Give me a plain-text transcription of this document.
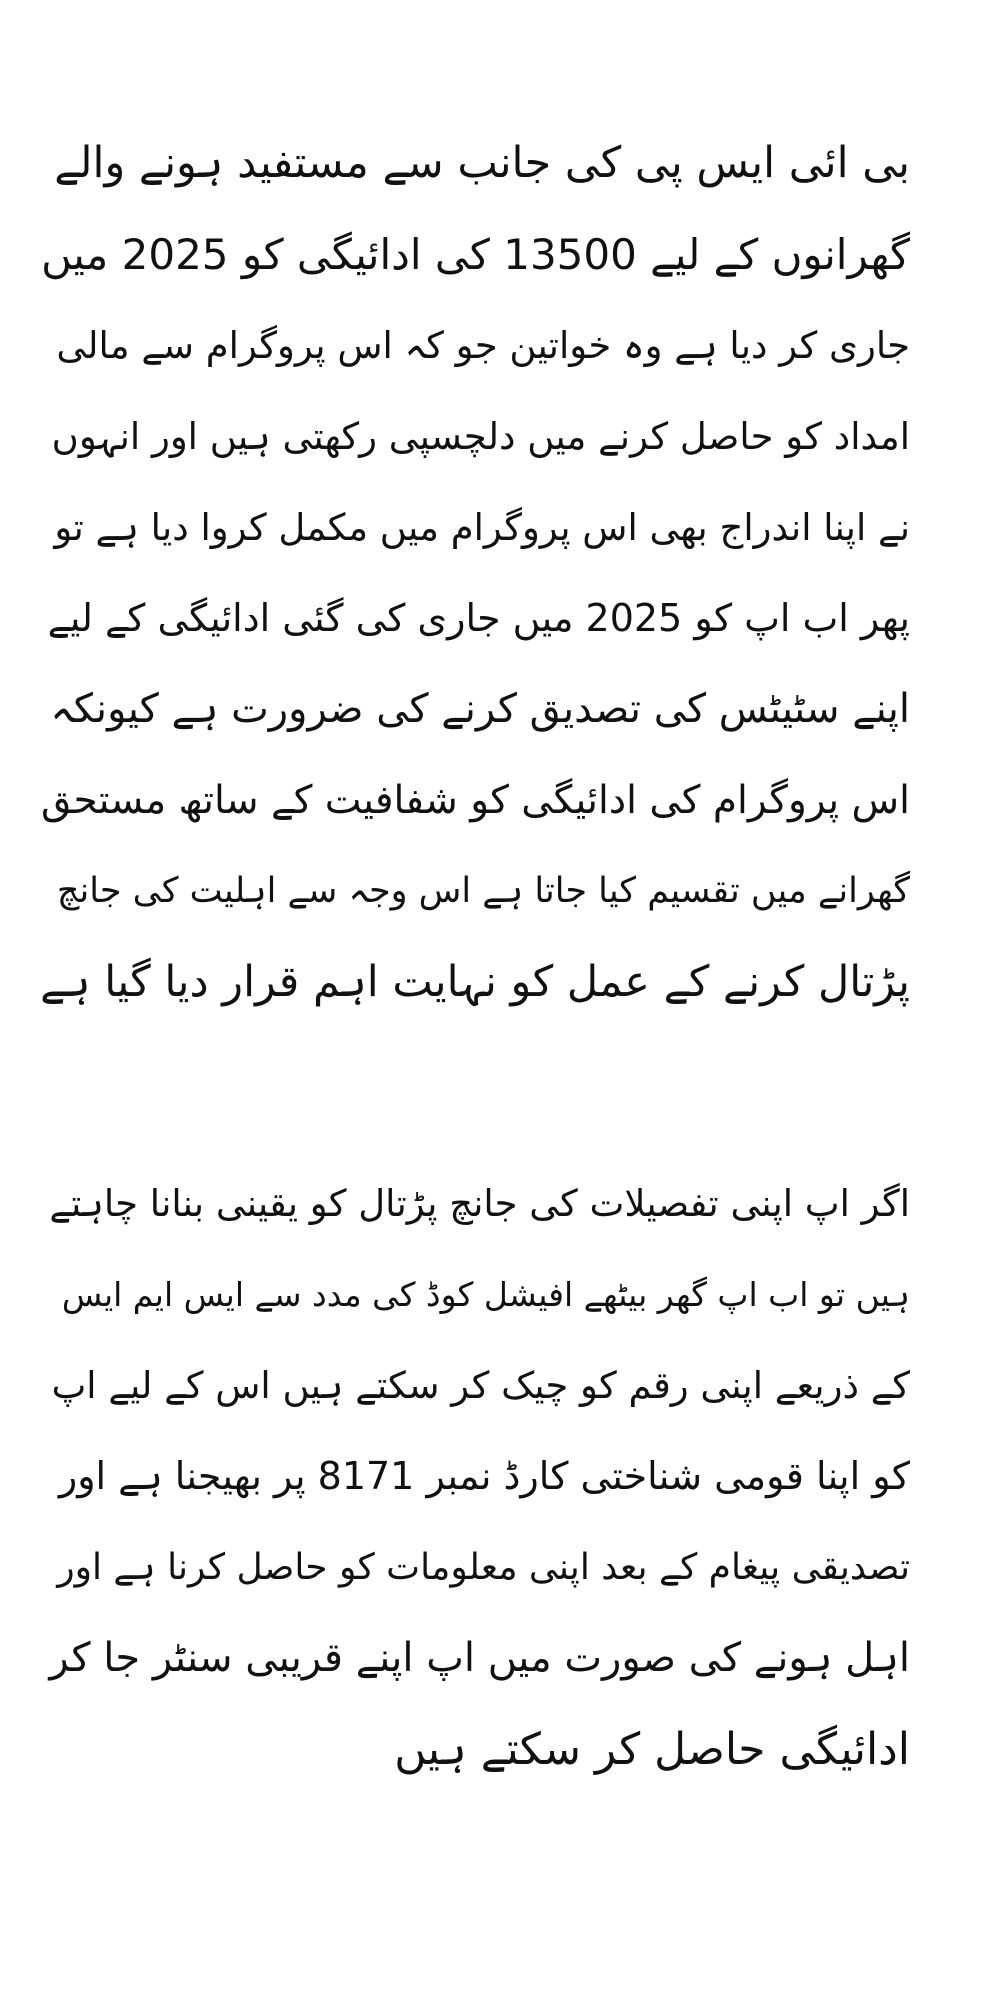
بی ائی ایس پی کی جانب سے مستفید ہونے والے
گھرانوں کے لیے 13500 کی ادائیگی کو 2025 میں
جاری کر دیا ہے وہ خواتین جو کہ اس پروگرام سے مالی
امداد کو حاصل کرنے میں دلچسپی رکھتی ہیں اور انہوں
نے اپنا اندراج بھی اس پروگرام میں مکمل کروا دیا ہے تو
پھر اب اپ کو 2025 میں جاری کی گئی ادائیگی کے لیے
اپنے سٹیٹس کی تصدیق کرنے کی ضرورت ہے کیونکہ
اس پروگرام کی ادائیگی کو شفافیت کے ساتھ مستحق
گھرانے میں تقسیم کیا جاتا ہے اس وجہ سے اہلیت کی جانچ
پڑتال کرنے کے عمل کو نہایت اہم قرار دیا گیا ہے
اگر اپ اپنی تفصیلات کی جانچ پڑتال کو یقینی بنانا چاہتے
ہیں تو اب اپ گھر بیٹھے افیشل کوڈ کی مدد سے ایس ایم ایس
کے ذریعے اپنی رقم کو چیک کر سکتے ہیں اس کے لیے اپ
کو اپنا قومی شناختی کارڈ نمبر 8171 پر بھیجنا ہے اور
تصدیقی پیغام کے بعد اپنی معلومات کو حاصل کرنا ہے اور
اہل ہونے کی صورت میں اپ اپنے قریبی سنٹر جا کر
ادائیگی حاصل کر سکتے ہیں
